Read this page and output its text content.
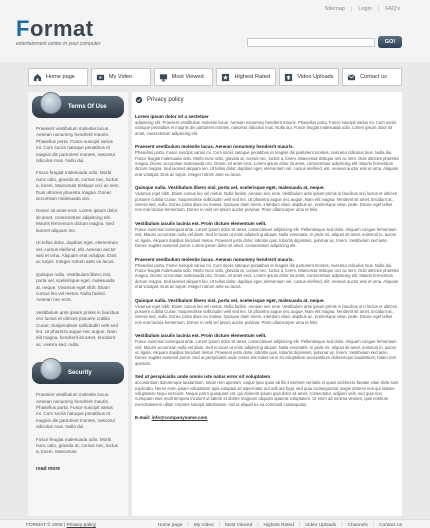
Sitemap | Login | FAQ's
Format
entertainment center in your computer	GO!
Home page	My Video	Most Viewed	Highest Rated	Video Uploads	Contact us
Terms Of Use

Praesent vestibulum molestie lacus. Aenean nonummy hendrerit mauris. Phasellus porta. Fusce suscipit varius mi. Cum sociis natoque penatibus et magnis dis parturient montes, nascetur ridiculus mus. Nulla dui.

Fusce feugiat malesuada odio. Morbi nunc odio, gravida at, cursus nec, luctus a, lorem. Maecenas tristique orci ac sem. Duis ultricies pharetra magna. Donec accumsan malesuada orci.

Donec sit amet eros. Lorem ipsum dolor sit amet, consectetuer adipiscing elit. Mauris fermentum dictum magna. Sed laoreet aliquam leo.

Ut tellus dolor, dapibus eget, elementum vel, cursus eleifend, elit. Aenean auctor wisi et urna. Aliquam erat volutpat. Duis ac turpis. Integer rutrum ante eu lacus.

Quisque nulla. Vestibulum libero nisl, porta vel, scelerisque eget, malesuada at, neque. Vivamus eget nibh. Etiam cursus leo vel metus. Nulla facilisi. Aenean nec eros.

Vestibulum ante ipsum primis in faucibus orci luctus et ultrices posuere cubilia Curae; Suspendisse sollicitudin velit sed leo. Ut pharetra augue nec augue. Nam elit magna, hendrerit sit amet, tincidunt ac, viverra sed, nulla.

Security

Praesent vestibulum molestie lacus. Aenean nonummy hendrerit mauris. Phasellus porta. Fusce suscipit varius mi. Cum sociis natoque penatibus et magnis dis parturient montes, nascetur ridiculus mus. Nulla dui.

Fusce feugiat malesuada odio. Morbi nunc odio, gravida at, cursus nec, luctus a, lorem. Maecenas.

read more
Privacy policy
Lorem ipsum dolor sit a sectetuer

adipiscing elit. Praesent vestibulum molestie lacus. Aenean nonummy hendrerit mauris. Phasellus porta. Fusce suscipit varius mi. Cum sociis natoque penatibus et magnis dis parturient montes, nascetur ridiculus mus. Nulla dui. Fusce feugiat malesuada odio. Lorem ipsum dolor sit amet, consectetuer adipiscing elit.

Praesent vestibulum molestie lacus. Aenean nonummy hendrerit mauris.

Phasellus porta. Fusce suscipit varius mi. Cum sociis natoque penatibus et magnis dis parturient montes, nascetur ridiculus mus. Nulla dui. Fusce feugiat malesuada odio. Morbi nunc odio, gravida at, cursus nec, luctus a, lorem. Maecenas tristique orci ac sem. Duis ultricies pharetra magna. Donec accumsan malesuada orci. Donec sit amet eros. Lorem ipsum dolor sit amet, consectetuer adipiscing elit. Mauris fermentum dictum magna. Sed laoreet aliquam leo. Ut tellus dolor, dapibus eget, elementum vel, cursus eleifend, elit. Aenean auctor wisi et urna. Aliquam erat volutpat. Duis ac turpis. Integer rutrum ante eu lacus.

Quisque nulla. Vestibulum libero nisl, porta vel, scelerisque eget, malesuada at, neque.

Vivamus eget nibh. Etiam cursus leo vel metus. Nulla facilisi. Aenean nec eros. Vestibulum ante ipsum primis in faucibus orci luctus et ultrices posuere cubilia Curae; Suspendisse sollicitudin velit sed leo. Ut pharetra augue nec augue. Nam elit magna, hendrerit sit amet, tincidunt ac, viverra sed, nulla. Donec porta diam eu massa. Quisque diam lorem, interdum vitae, dapibus ac, scelerisque vitae, pede. Donec eget tellus non erat lacinia fermentum. Donec in velit vel ipsum auctor pulvinar. Proin ullamcorper urna et felis.

Vestibulum iaculis lacinia est. Proin dictum elementum velit.

Fusce euismod consequat ante. Lorem ipsum dolor sit amet, consectetuer adipiscing elit. Pellentesque sed dolor. Aliquam congue fermentum nisl. Mauris accumsan nulla vel diam. Sed in lacus ut enim adipiscing aliquet. Nulla venenatis. In pede mi, aliquet sit amet, euismod in, auctor ut, ligula. Aliquam dapibus tincidunt metus. Praesent justo dolor, lobortis quis, lobortis dignissim, pulvinar ac, lorem. Vestibulum sed ante. Donec sagittis euismod purus. Lorem ipsum dolor sit amet, consectetuer adipiscing elit.

Praesent vestibulum molestie lacus. Aenean nonummy hendrerit mauris.

Phasellus porta. Fusce suscipit varius mi. Cum sociis natoque penatibus et magnis dis parturient montes, nascetur ridiculus mus. Nulla dui. Fusce feugiat malesuada odio. Morbi nunc odio, gravida at, cursus nec, luctus a, lorem. Maecenas tristique orci ac sem. Duis ultricies pharetra magna. Donec accumsan malesuada orci. Donec sit amet eros. Lorem ipsum dolor sit amet, consectetuer adipiscing elit. Mauris fermentum dictum magna. Sed laoreet aliquam leo. Ut tellus dolor, dapibus eget, elementum vel, cursus eleifend, elit. Aenean auctor wisi et urna. Aliquam erat volutpat. Duis ac turpis. Integer rutrum ante eu lacus.

Quisque nulla. Vestibulum libero nisl, porta vel, scelerisque eget, malesuada at, neque.

Vivamus eget nibh. Etiam cursus leo vel metus. Nulla facilisi. Aenean nec eros. Vestibulum ante ipsum primis in faucibus orci luctus et ultrices posuere cubilia Curae; Suspendisse sollicitudin velit sed leo. Ut pharetra augue nec augue. Nam elit magna, hendrerit sit amet, tincidunt ac, viverra sed, nulla. Donec porta diam eu massa. Quisque diam lorem, interdum vitae, dapibus ac, scelerisque vitae, pede. Donec eget tellus non erat lacinia fermentum. Donec in velit vel ipsum auctor pulvinar. Proin ullamcorper urna et felis.

Vestibulum iaculis lacinia est. Proin dictum elementum velit.

Fusce euismod consequat ante. Lorem ipsum dolor sit amet, consectetuer adipiscing elit. Pellentesque sed dolor. Aliquam congue fermentum nisl. Mauris accumsan nulla vel diam. Sed in lacus ut enim adipiscing aliquet. Nulla venenatis. In pede mi, aliquet sit amet, euismod in, auctor ut, ligula. Aliquam dapibus tincidunt metus. Praesent justo dolor, lobortis quis, lobortis dignissim, pulvinar ac, lorem. Vestibulum sed ante. Donec sagittis euismod purus. Sed ut perspiciatis unde omnis iste natus error sit voluptatem accusantium doloremque laudantium, totam rem aperiam.

Sed ut perspiciatis unde omnis iste natus error sit voluptatem

accusantium doloremque laudantium, totam rem aperiam, eaque ipsa quae ab illo inventore veritatis et quasi architecto beatae vitae dicta sunt explicabo. Nemo enim ipsam voluptatem quia voluptas sit aspernatur aut odit aut fugit, sed quia consequuntur magni dolores eos qui ratione voluptatem sequi nesciunt. Neque porro quisquam est, qui dolorem ipsum quia dolor sit amet, consectetur, adipisci velit, sed quia non numquam eius modi tempora incidunt ut labore et dolore magnam aliquam quaerat voluptatem. Ut enim ad minima veniam, quis nostrum exercitationem ullam corporis suscipit laboriosam, nisi ut aliquid ex ea commodi consequatur.

E-mail: info@companyname.com
FORMAT © 2008 | Privacy policy	Home page | My Video | Most Viewed | Highest Rated | Video Uploads | Channels | Contact us
